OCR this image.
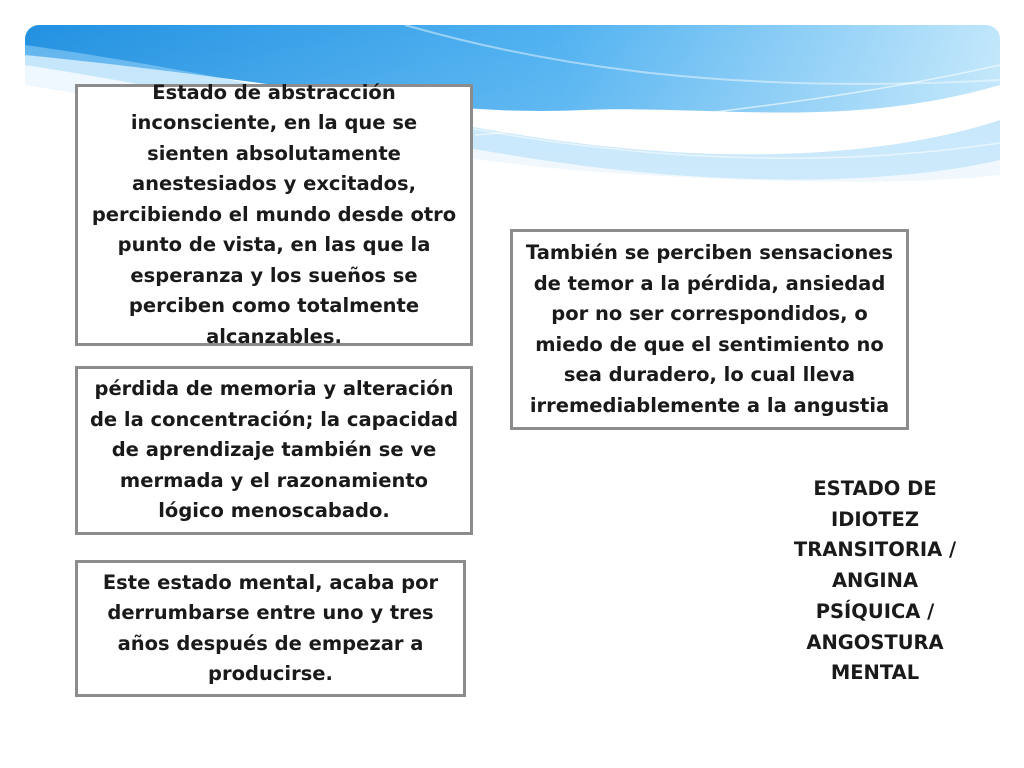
Estado de abstracción inconsciente, en la que se sienten absolutamente anestesiados y excitados, percibiendo el mundo desde otro punto de vista, en las que la esperanza y los sueños se perciben como totalmente alcanzables.
pérdida de memoria y alteración de la concentración; la capacidad de aprendizaje también se ve mermada y el razonamiento lógico menoscabado.
Este estado mental, acaba por derrumbarse entre uno y tres años después de empezar a producirse.
También se perciben sensaciones de temor a la pérdida, ansiedad por no ser correspondidos, o miedo de que el sentimiento no sea duradero, lo cual lleva irremediablemente a la angustia
ESTADO DE
IDIOTEZ
TRANSITORIA /
ANGINA
PSÍQUICA /
ANGOSTURA
MENTAL
